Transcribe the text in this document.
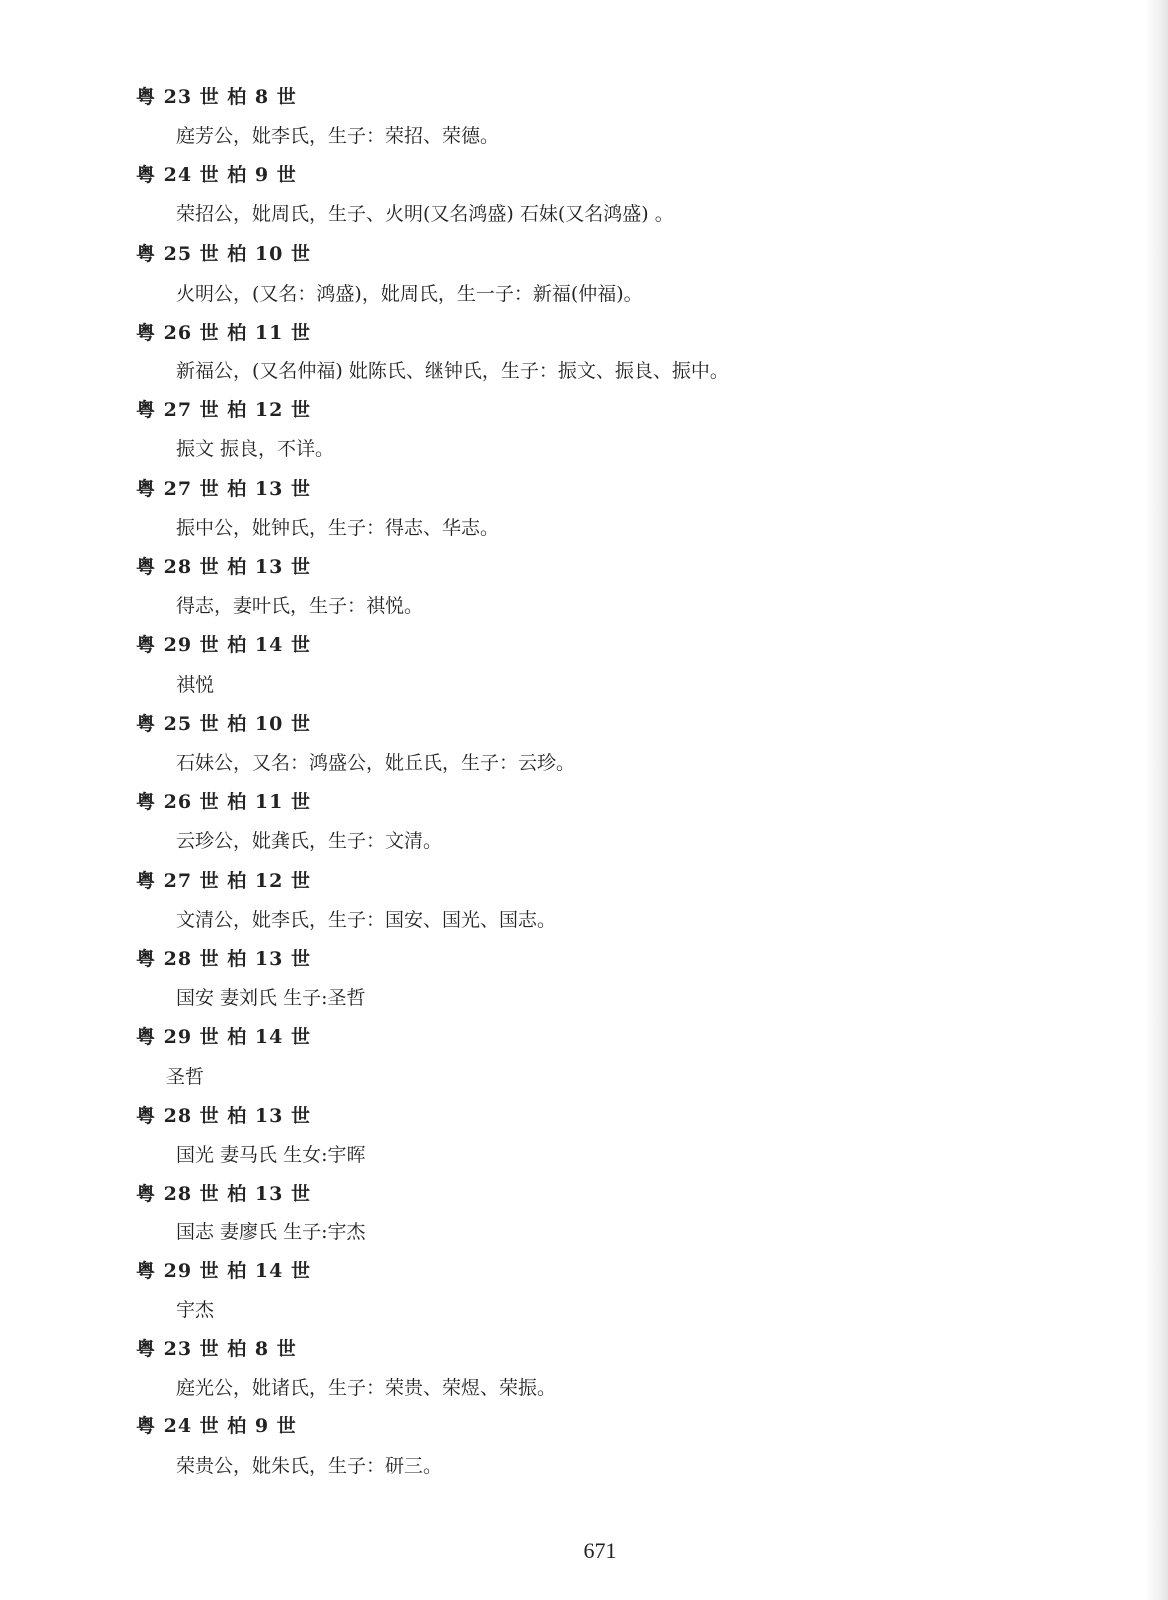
粤 23 世 柏 8 世
庭芳公，妣李氏，生子：荣招、荣德。
粤 24 世 柏 9 世
荣招公，妣周氏，生子、火明(又名鸿盛) 石妹(又名鸿盛) 。
粤 25 世 柏 10 世
火明公，(又名：鸿盛)，妣周氏，生一子：新福(仲福)。
粤 26 世 柏 11 世
新福公，(又名仲福) 妣陈氏、继钟氏，生子：振文、振良、振中。
粤 27 世 柏 12 世
振文 振良，不详。
粤 27 世 柏 13 世
振中公，妣钟氏，生子：得志、华志。
粤 28 世 柏 13 世
得志，妻叶氏，生子：祺悦。
粤 29 世 柏 14 世
祺悦
粤 25 世 柏 10 世
石妹公，又名：鸿盛公，妣丘氏，生子：云珍。
粤 26 世 柏 11 世
云珍公，妣龚氏，生子：文清。
粤 27 世 柏 12 世
文清公，妣李氏，生子：国安、国光、国志。
粤 28 世 柏 13 世
国安 妻刘氏 生子:圣哲
粤 29 世 柏 14 世
圣哲
粤 28 世 柏 13 世
国光 妻马氏 生女:宇晖
粤 28 世 柏 13 世
国志 妻廖氏 生子:宇杰
粤 29 世 柏 14 世
宇杰
粤 23 世 柏 8 世
庭光公，妣诸氏，生子：荣贵、荣煜、荣振。
粤 24 世 柏 9 世
荣贵公，妣朱氏，生子：研三。
671
